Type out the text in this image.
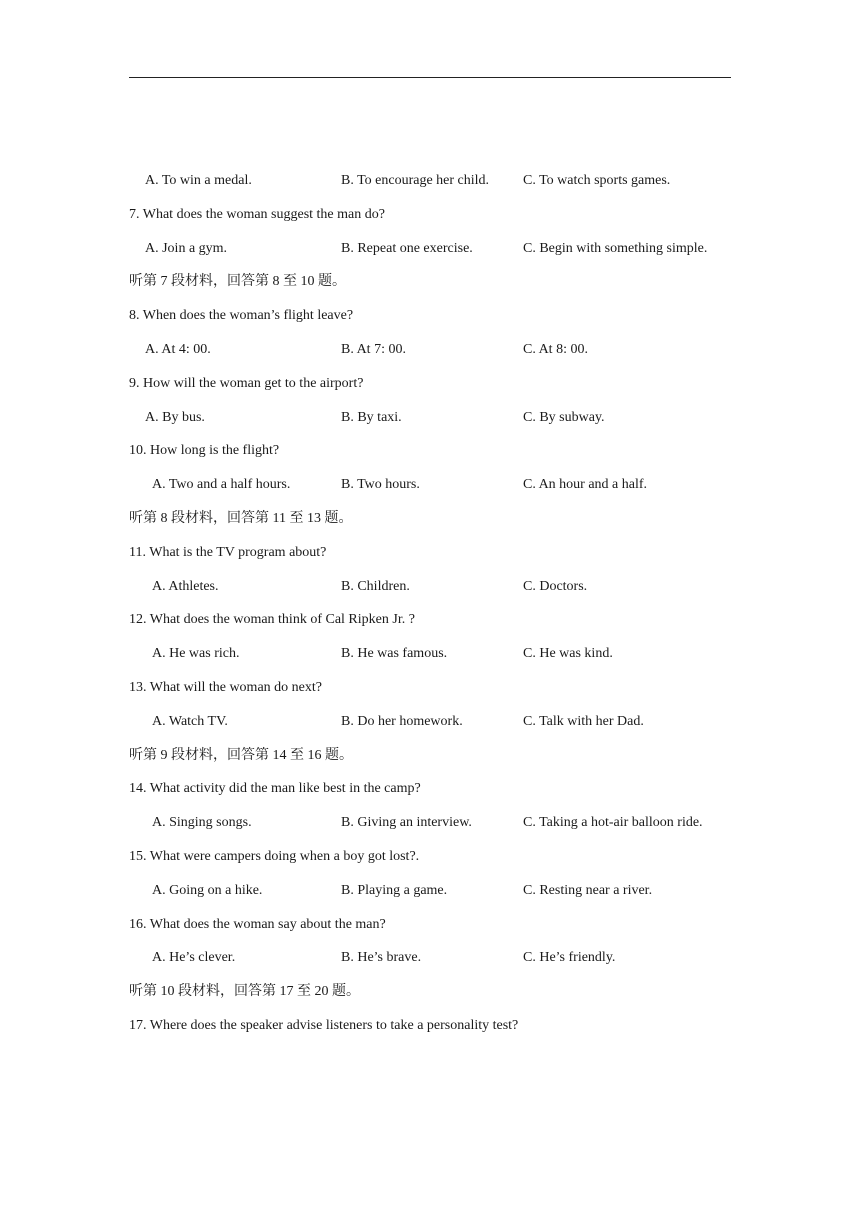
A. To win a medal.	B. To encourage her child. C. To watch sports games.
7. What does the woman suggest the man do?
A. Join a gym.	B. Repeat one exercise.	C. Begin with something simple.
听第 7 段材料，回答第 8 至 10 题。
8. When does the woman’s flight leave?
A. At 4: 00.	B. At 7: 00.	C. At 8: 00.
9. How will the woman get to the airport?
A. By bus.	B. By taxi.	C. By subway.
10. How long is the flight?
A. Two and a half hours.	B. Two hours.	C. An hour and a half.
听第 8 段材料，回答第 11 至 13 题。
11. What is the TV program about?
A. Athletes.	B. Children.	C. Doctors.
12. What does the woman think of Cal Ripken Jr. ?
A. He was rich.	B. He was famous.	C. He was kind.
13. What will the woman do next?
A. Watch TV.	B. Do her homework.	C. Talk with her Dad.
听第 9 段材料，回答第 14 至 16 题。
14. What activity did the man like best in the camp?
A. Singing songs.	B. Giving an interview.	C. Taking a hot-air balloon ride.
15. What were campers doing when a boy got lost?.
A. Going on a hike.	B. Playing a game.	C. Resting near a river.
16. What does the woman say about the man?
A. He’s clever.	B. He’s brave.	C. He’s friendly.
听第 10 段材料，回答第 17 至 20 题。
17. Where does the speaker advise listeners to take a personality test?
